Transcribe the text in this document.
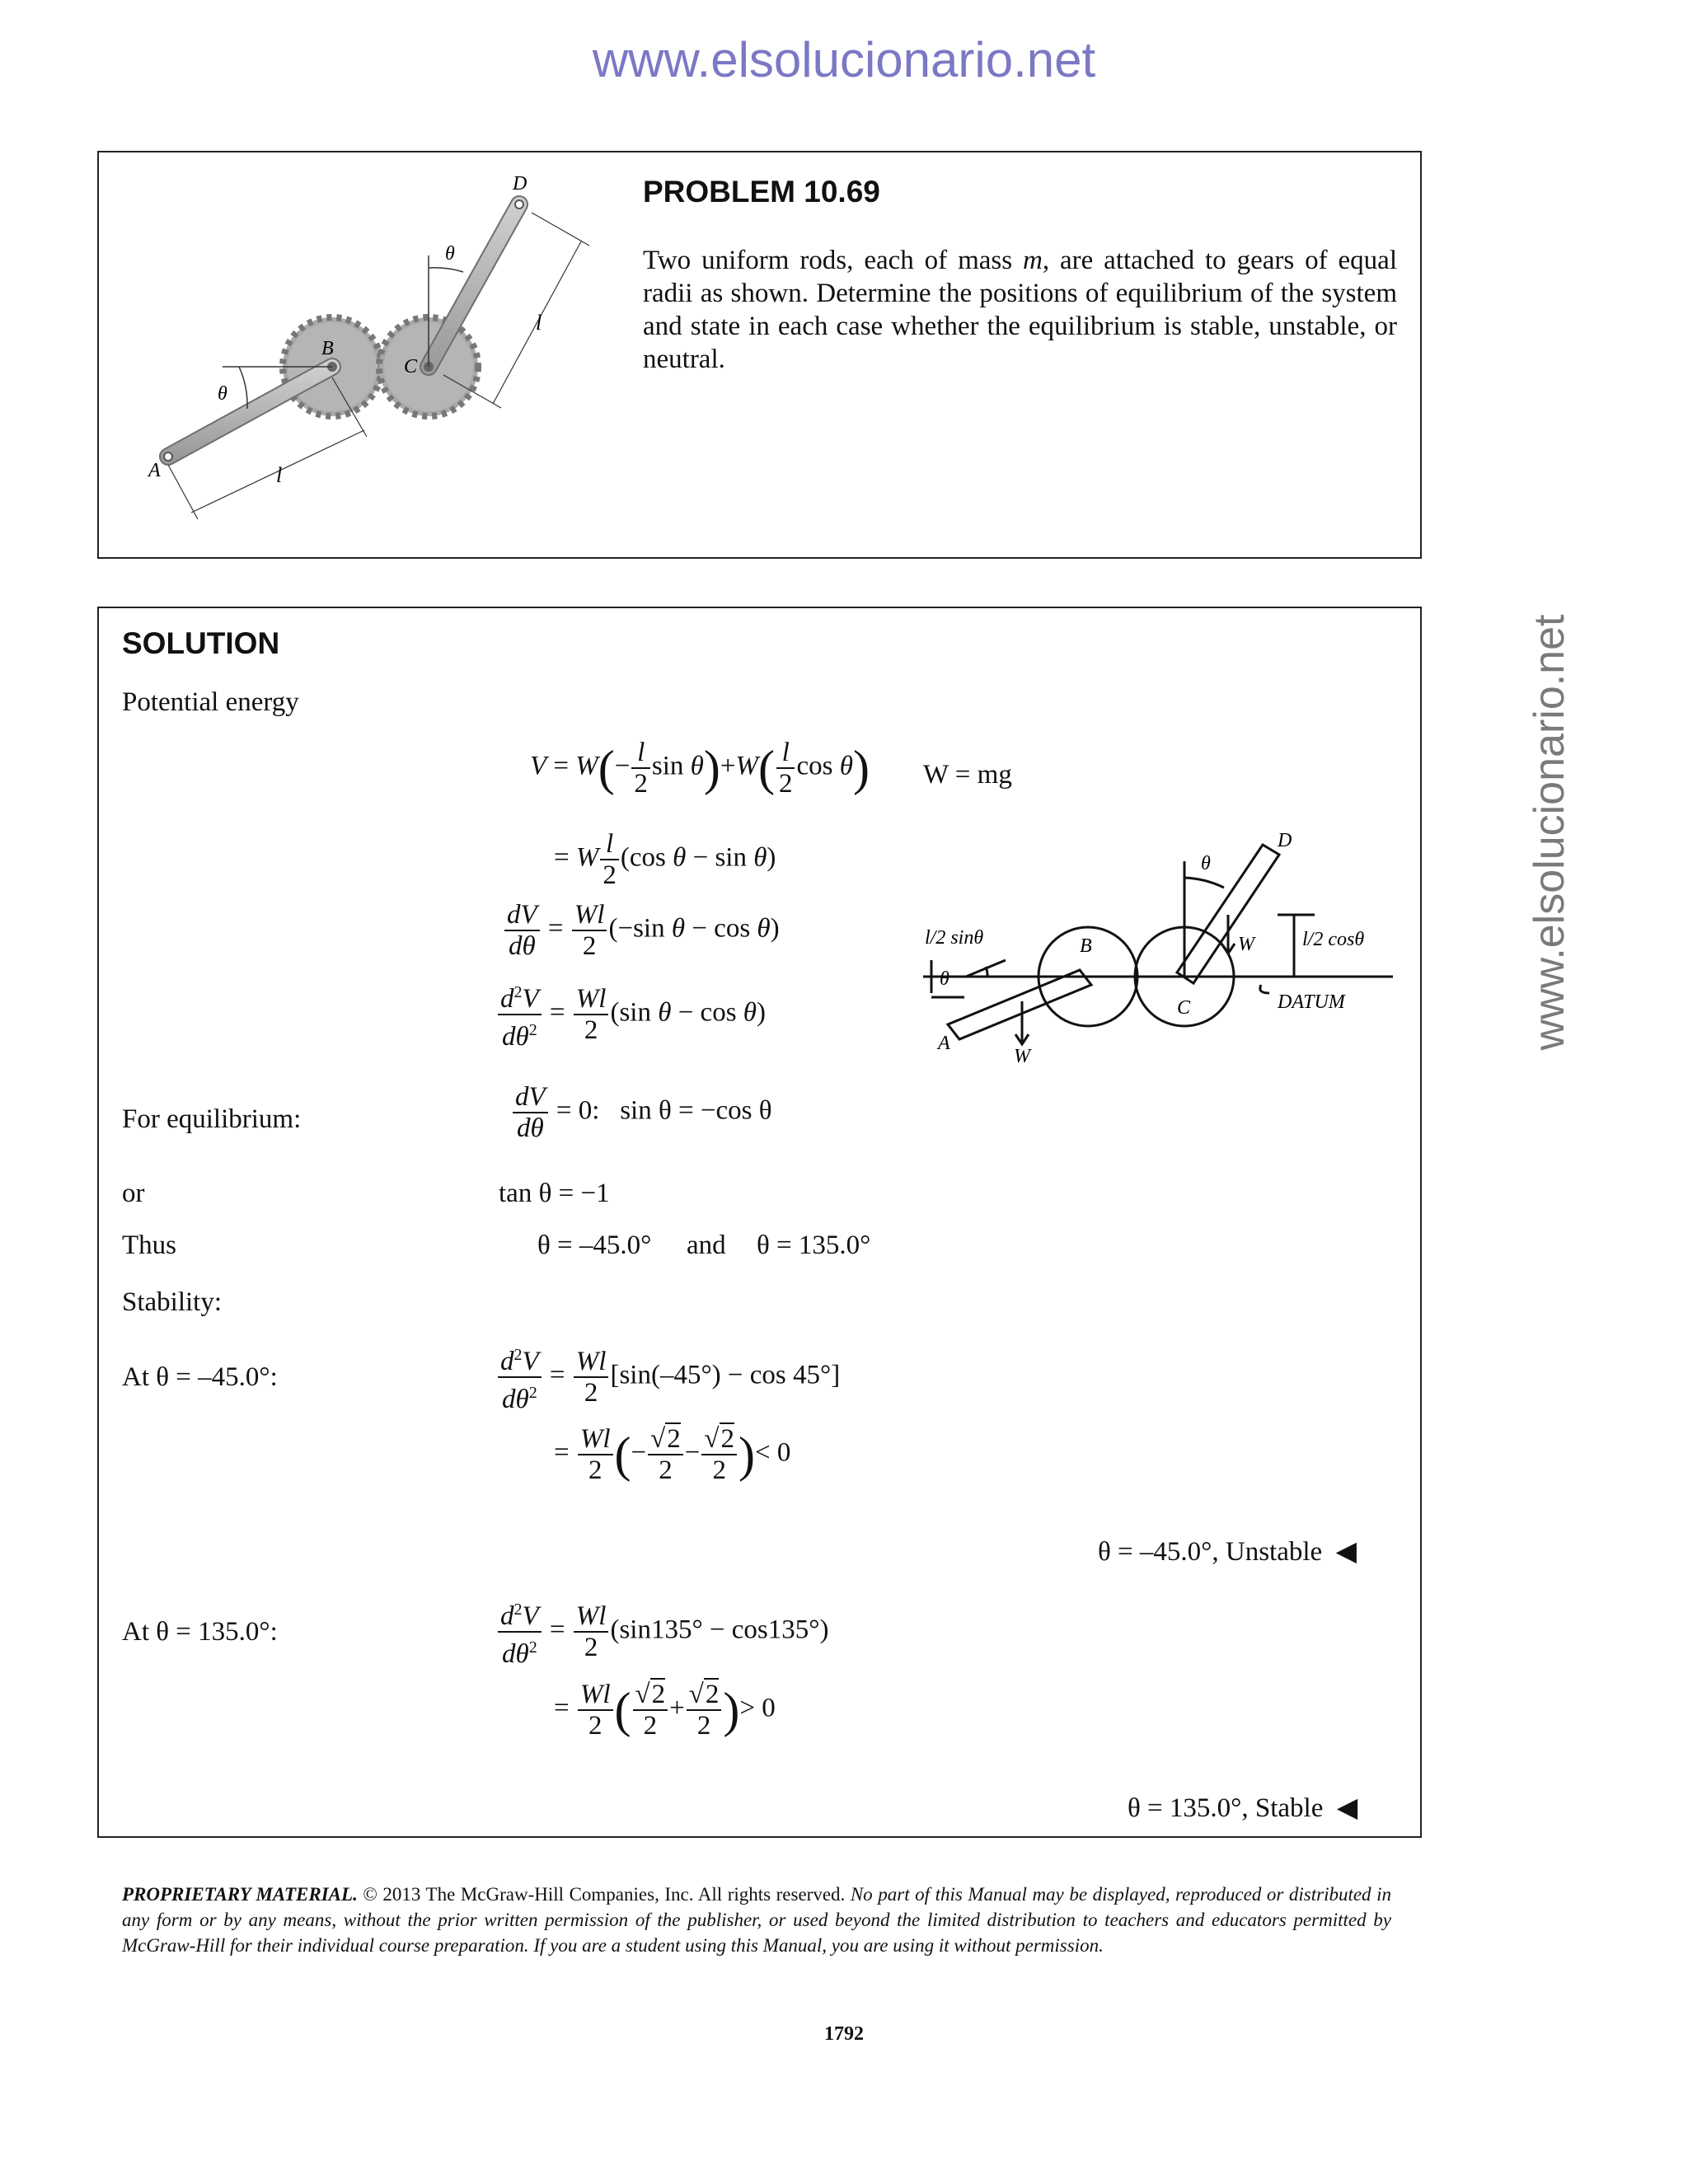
www.elsolucionario.net
www.elsolucionario.net
D
B
C
A
θ
θ
l
l
PROBLEM 10.69
Two uniform rods, each of mass m, are attached to gears of equal radii as shown. Determine the positions of equilibrium of the system and state in each case whether the equilibrium is stable, unstable, or neutral.
SOLUTION
Potential energy
$V = W(- \frac{l}{2}$ $\sin \theta)+W( \frac{l}{2}$ cos θ) W = mg
= W $\frac{l}{2} (\cos$ θ − sin θ)
$\frac{dV}{d\theta} = \frac{Wl}{2} (-\sin$ θ − cos θ)
$\frac{d^2V}{d\theta^2} = \frac{Wl}{2} (\sin$ θ − cos θ)
l/2 sinθ	l/2 cosθ
DATUM
A
B
C
D
W
W
θ
θ
For equilibrium:	$\frac{dV}{d\theta} = 0$:   sin θ = −cos θ
or	tan θ = −1
Thus	θ = –45.0° and θ = 135.0°
Stability:
At θ = –45.0°:	$\frac{d^2V}{d\theta^2} = \frac{Wl}{2} [\sin(-45^\circ) - \cos 45^\circ]$
= $\frac{Wl}{2}$ (− $\frac{√2}{2} - \frac{√2}{2}$ )< 0
θ = –45.0°, Unstable  ◀
At θ = 135.0°:	$\frac{d^2V}{d\theta^2} = \frac{Wl}{2} (\sin 135^\circ - \cos 135^\circ)$
= $\frac{Wl}{2}$ ( $\frac{√2}{2} + \frac{√2}{2}$ )> 0
θ = 135.0°, Stable  ◀
PROPRIETARY MATERIAL. © 2013 The McGraw-Hill Companies, Inc. All rights reserved. No part of this Manual may be displayed, reproduced or distributed in any form or by any means, without the prior written permission of the publisher, or used beyond the limited distribution to teachers and educators permitted by McGraw-Hill for their individual course preparation. If you are a student using this Manual, you are using it without permission.
1792
